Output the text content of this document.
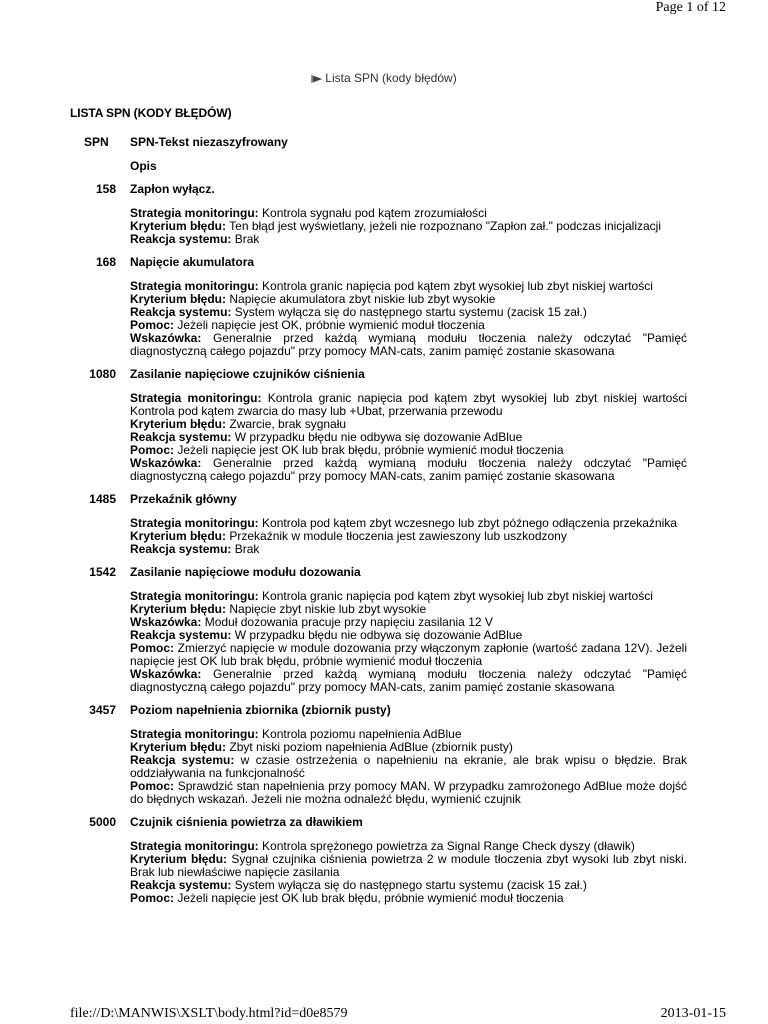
Page 1 of 12
Lista SPN (kody błędów)
LISTA SPN (KODY BŁĘDÓW)
SPN SPN-Tekst niezaszyfrowany
Opis
158 Zapłon wyłącz.
Strategia monitoringu: Kontrola sygnału pod kątem zrozumiałości
Kryterium błędu: Ten błąd jest wyświetlany, jeżeli nie rozpoznano "Zapłon zał." podczas inicjalizacji
Reakcja systemu: Brak
168 Napięcie akumulatora
Strategia monitoringu: Kontrola granic napięcia pod kątem zbyt wysokiej lub zbyt niskiej wartości
Kryterium błędu: Napięcie akumulatora zbyt niskie lub zbyt wysokie
Reakcja systemu: System wyłącza się do następnego startu systemu (zacisk 15 zał.)
Pomoc: Jeżeli napięcie jest OK, próbnie wymienić moduł tłoczenia
Wskazówka: Generalnie przed każdą wymianą modułu tłoczenia należy odczytać "Pamięć diagnostyczną całego pojazdu" przy pomocy MAN-cats, zanim pamięć zostanie skasowana
1080 Zasilanie napięciowe czujników ciśnienia
Strategia monitoringu: Kontrola granic napięcia pod kątem zbyt wysokiej lub zbyt niskiej wartości Kontrola pod kątem zwarcia do masy lub +Ubat, przerwania przewodu
Kryterium błędu: Zwarcie, brak sygnału
Reakcja systemu: W przypadku błędu nie odbywa się dozowanie AdBlue
Pomoc: Jeżeli napięcie jest OK lub brak błędu, próbnie wymienić moduł tłoczenia
Wskazówka: Generalnie przed każdą wymianą modułu tłoczenia należy odczytać "Pamięć diagnostyczną całego pojazdu" przy pomocy MAN-cats, zanim pamięć zostanie skasowana
1485 Przekaźnik główny
Strategia monitoringu: Kontrola pod kątem zbyt wczesnego lub zbyt późnego odłączenia przekaźnika
Kryterium błędu: Przekaźnik w module tłoczenia jest zawieszony lub uszkodzony
Reakcja systemu: Brak
1542 Zasilanie napięciowe modułu dozowania
Strategia monitoringu: Kontrola granic napięcia pod kątem zbyt wysokiej lub zbyt niskiej wartości
Kryterium błędu: Napięcie zbyt niskie lub zbyt wysokie
Wskazówka: Moduł dozowania pracuje przy napięciu zasilania 12 V
Reakcja systemu: W przypadku błędu nie odbywa się dozowanie AdBlue
Pomoc: Zmierzyć napięcie w module dozowania przy włączonym zapłonie (wartość zadana 12V). Jeżeli napięcie jest OK lub brak błędu, próbnie wymienić moduł tłoczenia
Wskazówka: Generalnie przed każdą wymianą modułu tłoczenia należy odczytać "Pamięć diagnostyczną całego pojazdu" przy pomocy MAN-cats, zanim pamięć zostanie skasowana
3457 Poziom napełnienia zbiornika (zbiornik pusty)
Strategia monitoringu: Kontrola poziomu napełnienia AdBlue
Kryterium błędu: Zbyt niski poziom napełnienia AdBlue (zbiornik pusty)
Reakcja systemu: w czasie ostrzeżenia o napełnieniu na ekranie, ale brak wpisu o błędzie. Brak oddziaływania na funkcjonalność
Pomoc: Sprawdzić stan napełnienia przy pomocy MAN. W przypadku zamrożonego AdBlue może dojść do błędnych wskazań. Jeżeli nie można odnaleźć błędu, wymienić czujnik
5000 Czujnik ciśnienia powietrza za dławikiem
Strategia monitoringu: Kontrola sprężonego powietrza za Signal Range Check dyszy (dławik)
Kryterium błędu: Sygnał czujnika ciśnienia powietrza 2 w module tłoczenia zbyt wysoki lub zbyt niski. Brak lub niewłaściwe napięcie zasilania
Reakcja systemu: System wyłącza się do następnego startu systemu (zacisk 15 zał.)
Pomoc: Jeżeli napięcie jest OK lub brak błędu, próbnie wymienić moduł tłoczenia
file://D:\MANWIS\XSLT\body.html?id=d0e8579	2013-01-15
